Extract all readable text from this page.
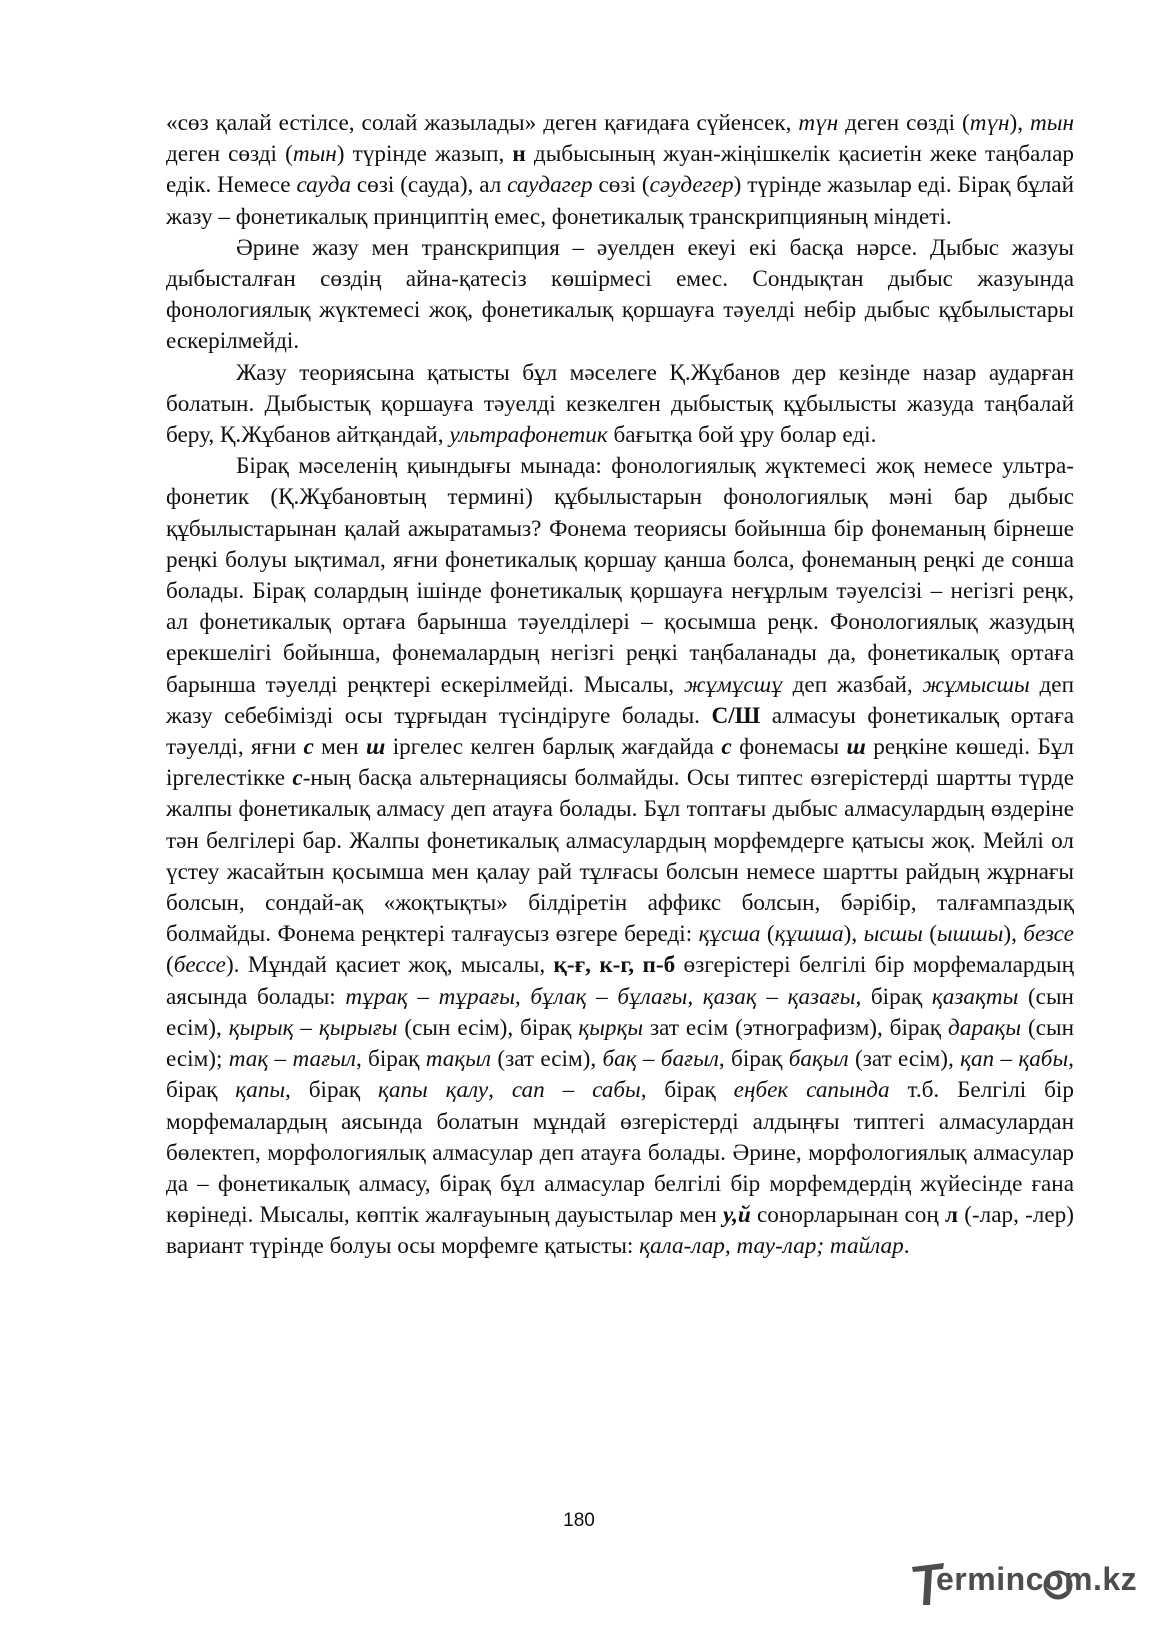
«сөз қалай естілсе, солай жазылады» деген қағидаға сүйенсек, түн деген сөзді (түн), тын деген сөзді (тын) түрінде жазып, н дыбысының жуан-жіңішкелік қасиетін жеке таңбалар едік. Немесе сауда сөзі (сауда), ал саудагер сөзі (сәудегер) түрінде жазылар еді. Бірақ бұлай жазу – фонетикалық принциптің емес, фонетикалық транскрипцияның міндеті.

Әрине жазу мен транскрипция – әуелден екеуі екі басқа нәрсе. Дыбыс жазуы дыбысталған сөздің айна-қатесіз көшірмесі емес. Сондықтан дыбыс жазуында фонологиялық жүктемесі жоқ, фонетикалық қоршауға тәуелді небір дыбыс құбылыстары ескерілмейді.

Жазу теориясына қатысты бұл мәселеге Қ.Жұбанов дер кезінде назар аударған болатын. Дыбыстық қоршауға тәуелді кезкелген дыбыстық құбылысты жазуда таңбалай беру, Қ.Жұбанов айтқандай, ультрафонетик бағытқа бой ұру болар еді.

Бірақ мәселенің қиындығы мынада: фонологиялық жүктемесі жоқ немесе ультра-фонетик (Қ.Жұбановтың термині) құбылыстарын фонологиялық мәні бар дыбыс құбылыстарынан қалай ажыратамыз? Фонема теориясы бойынша бір фонеманың бірнеше реңкі болуы ықтимал, яғни фонетикалық қоршау қанша болса, фонеманың реңкі де сонша болады. Бірақ солардың ішінде фонетикалық қоршауға неғұрлым тәуелсізі – негізгі реңк, ал фонетикалық ортаға барынша тәуелділері – қосымша реңк. Фонологиялық жазудың ерекшелігі бойынша, фонемалардың негізгі реңкі таңбаланады да, фонетикалық ортаға барынша тәуелді реңктері ескерілмейді. Мысалы, жұмұсшұ деп жазбай, жұмысшы деп жазу себебімізді осы тұрғыдан түсіндіруге болады. С/Ш алмасуы фонетикалық ортаға тәуелді, яғни с мен ш іргелес келген барлық жағдайда с фонемасы ш реңкіне көшеді. Бұл іргелестікке с-ның басқа альтернациясы болмайды. Осы типтес өзгерістерді шартты түрде жалпы фонетикалық алмасу деп атауға болады. Бұл топтағы дыбыс алмасулардың өздеріне тән белгілері бар. Жалпы фонетикалық алмасулардың морфемдерге қатысы жоқ. Мейлі ол үстеу жасайтын қосымша мен қалау рай тұлғасы болсын немесе шартты райдың жұрнағы болсын, сондай-ақ «жоқтықты» білдіретін аффикс болсын, бәрібір, талғампаздық болмайды. Фонема реңктері талғаусыз өзгере береді: құсша (құшша), ысшы (ышшы), безсе (бессе). Мұндай қасиет жоқ, мысалы, қ-ғ, к-г, п-б өзгерістері белгілі бір морфемалардың аясында болады: тұрақ – тұрағы, бұлақ – бұлағы, қазақ – қазағы, бірақ қазақты (сын есім), қырық – қырығы (сын есім), бірақ қырқы зат есім (этнографизм), бірақ дарақы (сын есім); тақ – тағыл, бірақ тақыл (зат есім), бақ – бағыл, бірақ бақыл (зат есім), қап – қабы, бірақ қапы, бірақ қапы қалу, сап – сабы, бірақ еңбек сапында т.б. Белгілі бір морфемалардың аясында болатын мұндай өзгерістерді алдыңғы типтегі алмасулардан бөлектеп, морфологиялық алмасулар деп атауға болады. Әрине, морфологиялық алмасулар да – фонетикалық алмасу, бірақ бұл алмасулар белгілі бір морфемдердің жүйесінде ғана көрінеді. Мысалы, көптік жалғауының дауыстылар мен у,й сонорларынан соң л (-лар, -лер) вариант түрінде болуы осы морфемге қатысты: қала-лар, тау-лар; тайлар.

180
ermincom.kz
